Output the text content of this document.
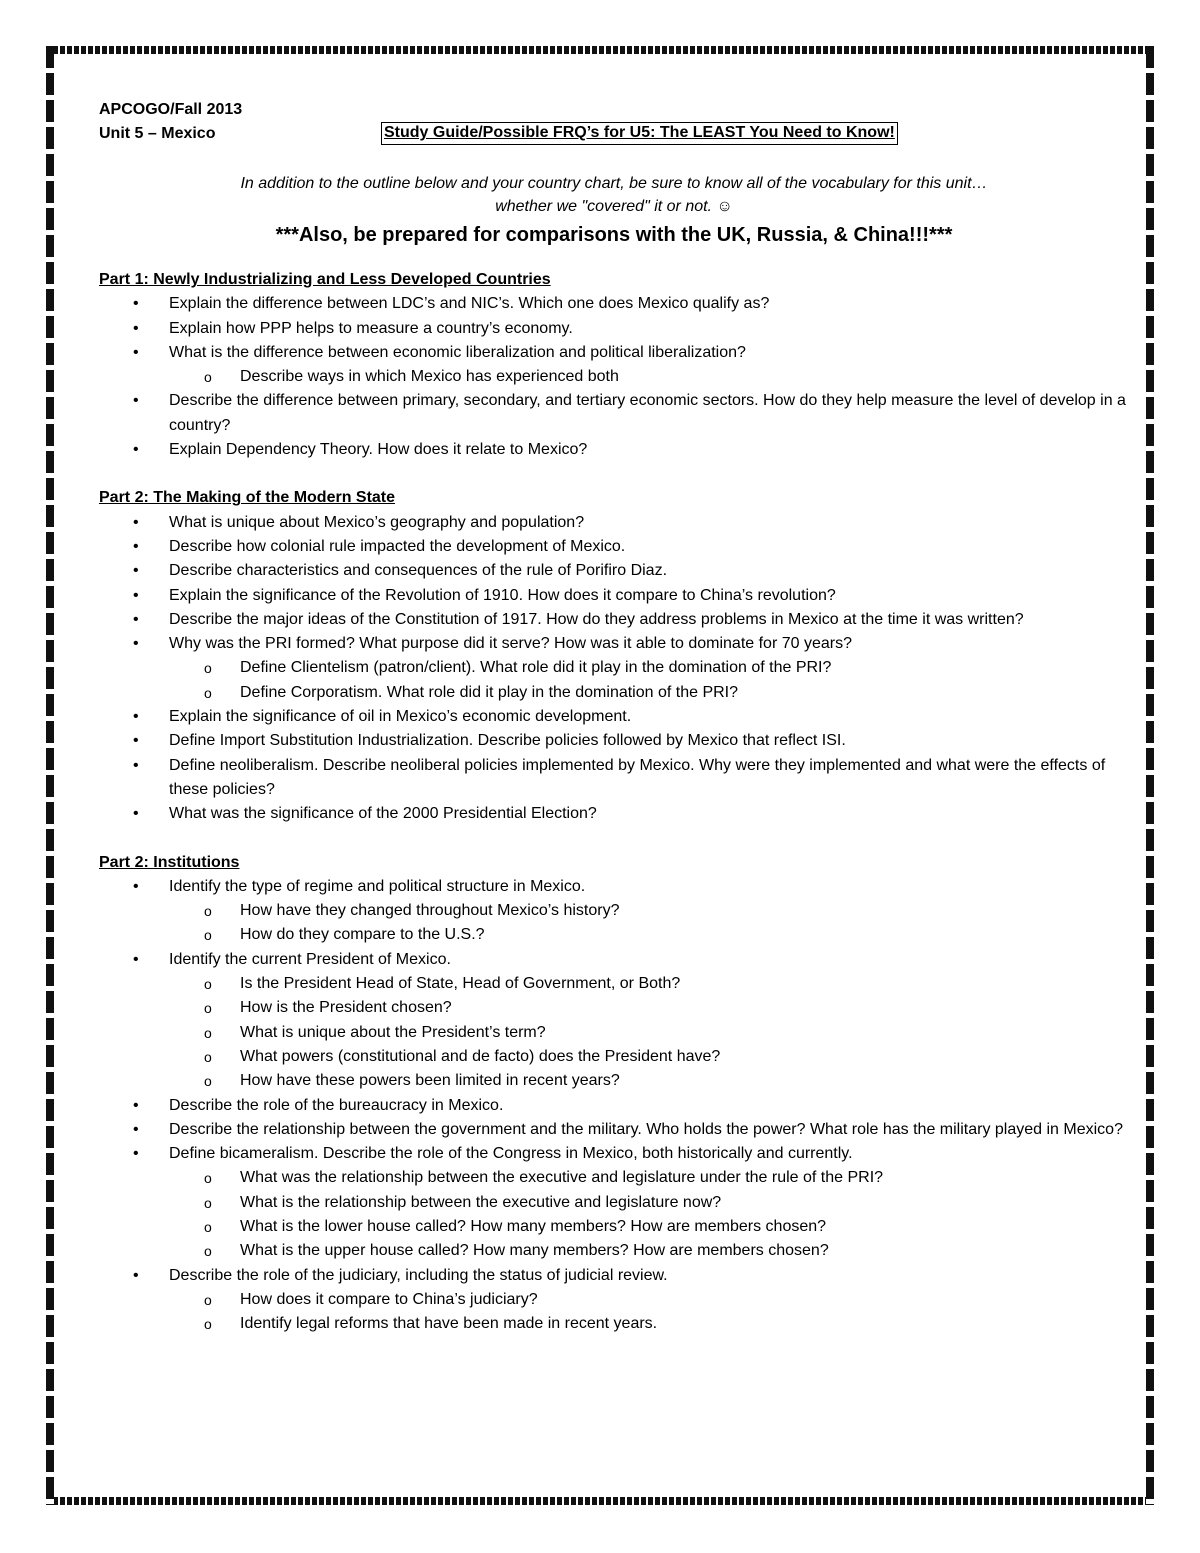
APCOGO/Fall 2013
Unit 5 – Mexico	Study Guide/Possible FRQ’s for U5: The LEAST You Need to Know!
In addition to the outline below and your country chart, be sure to know all of the vocabulary for this unit…
whether we "covered" it or not. ☺
***Also, be prepared for comparisons with the UK, Russia, & China!!!***
Part 1: Newly Industrializing and Less Developed Countries
• Explain the difference between LDC’s and NIC’s. Which one does Mexico qualify as?
• Explain how PPP helps to measure a country’s economy.
• What is the difference between economic liberalization and political liberalization?
o Describe ways in which Mexico has experienced both
• Describe the difference between primary, secondary, and tertiary economic sectors. How do they help measure the level of develop in a country?
• Explain Dependency Theory. How does it relate to Mexico?
Part 2: The Making of the Modern State
• What is unique about Mexico’s geography and population?
• Describe how colonial rule impacted the development of Mexico.
• Describe characteristics and consequences of the rule of Porifiro Diaz.
• Explain the significance of the Revolution of 1910. How does it compare to China’s revolution?
• Describe the major ideas of the Constitution of 1917. How do they address problems in Mexico at the time it was written?
• Why was the PRI formed? What purpose did it serve? How was it able to dominate for 70 years?
o Define Clientelism (patron/client). What role did it play in the domination of the PRI?
o Define Corporatism. What role did it play in the domination of the PRI?
• Explain the significance of oil in Mexico’s economic development.
• Define Import Substitution Industrialization. Describe policies followed by Mexico that reflect ISI.
• Define neoliberalism. Describe neoliberal policies implemented by Mexico. Why were they implemented and what were the effects of these policies?
• What was the significance of the 2000 Presidential Election?
Part 2: Institutions
• Identify the type of regime and political structure in Mexico.
o How have they changed throughout Mexico’s history?
o How do they compare to the U.S.?
• Identify the current President of Mexico.
o Is the President Head of State, Head of Government, or Both?
o How is the President chosen?
o What is unique about the President’s term?
o What powers (constitutional and de facto) does the President have?
o How have these powers been limited in recent years?
• Describe the role of the bureaucracy in Mexico.
• Describe the relationship between the government and the military. Who holds the power? What role has the military played in Mexico?
• Define bicameralism. Describe the role of the Congress in Mexico, both historically and currently.
o What was the relationship between the executive and legislature under the rule of the PRI?
o What is the relationship between the executive and legislature now?
o What is the lower house called? How many members? How are members chosen?
o What is the upper house called? How many members? How are members chosen?
• Describe the role of the judiciary, including the status of judicial review.
o How does it compare to China’s judiciary?
o Identify legal reforms that have been made in recent years.
